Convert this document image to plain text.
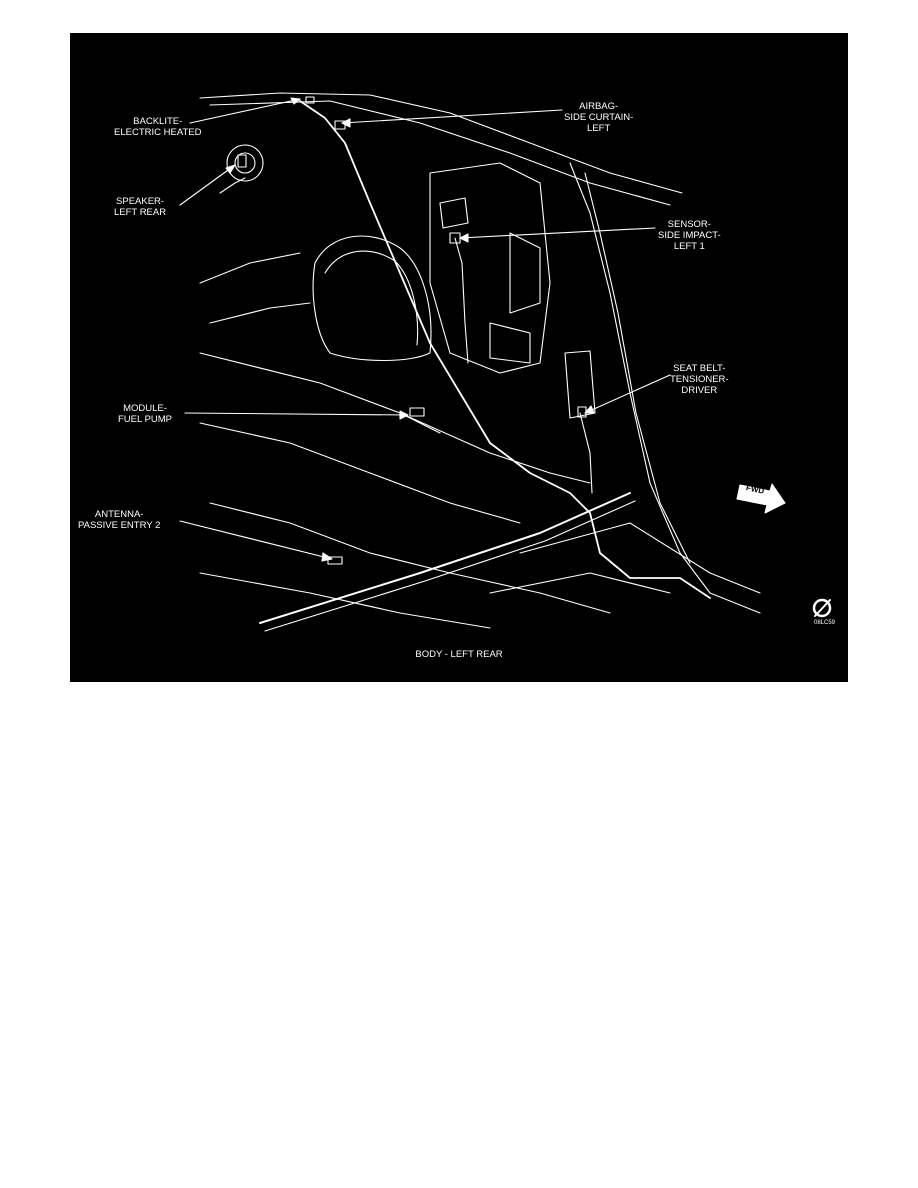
BACKLITE-
ELECTRIC HEATED
AIRBAG-
SIDE CURTAIN-
LEFT
SPEAKER-
LEFT REAR
SENSOR-
SIDE IMPACT-
LEFT 1
SEAT BELT-
TENSIONER-
DRIVER
MODULE-
FUEL PUMP
ANTENNA-
PASSIVE ENTRY 2
FWD
08LC59
BODY - LEFT REAR
